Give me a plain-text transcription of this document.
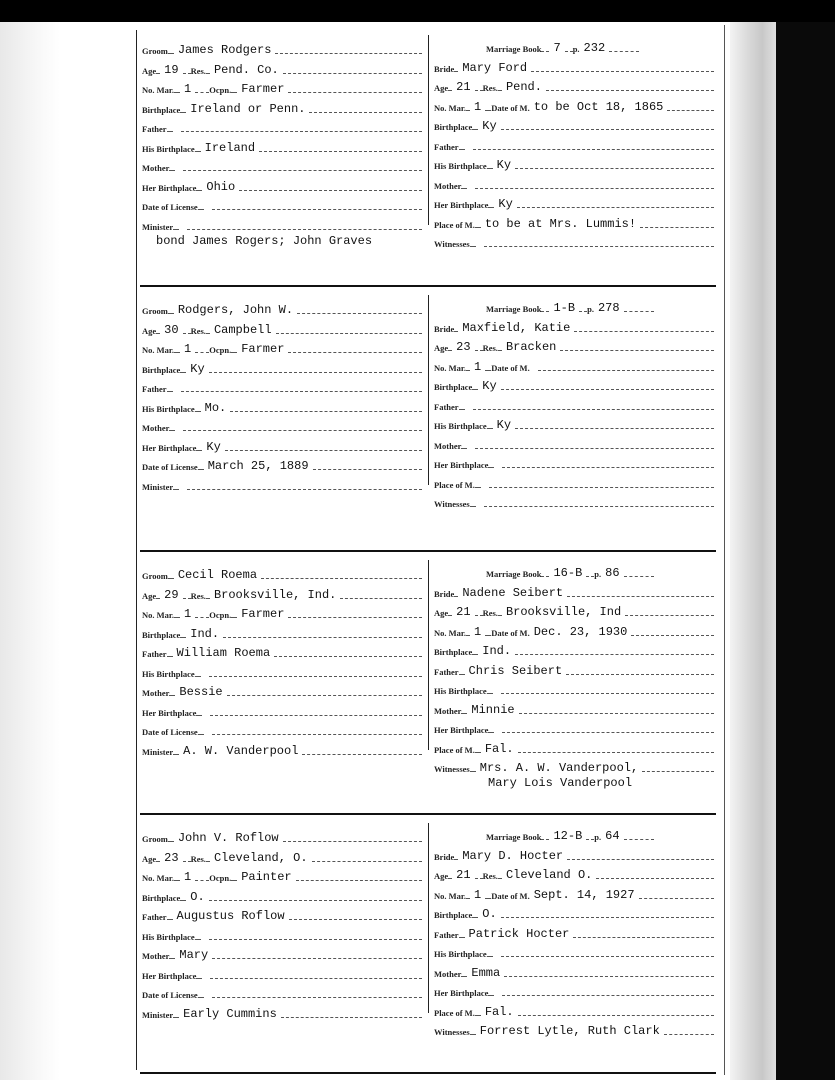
Groom James Rodgers
Age 19 Res. Pend. Co.
No. Mar. 1 Ocpn. Farmer
Birthplace Ireland or Penn.
Father
His Birthplace Ireland
Mother
Her Birthplace Ohio
Date of License
Minister
Marriage Book 7 p. 232
Bride Mary Ford
Age 21 Res. Pend.
No. Mar. 1 Date of M. to be Oct 18, 1865
Birthplace Ky
Father
His Birthplace Ky
Mother
Her Birthplace Ky
Place of M. to be at Mrs. Lummis!
Witnesses
bond James Rogers; John Graves
Groom Rodgers, John W.
Age 30 Res. Campbell
No. Mar. 1 Ocpn. Farmer
Birthplace Ky
Father
His Birthplace Mo.
Mother
Her Birthplace Ky
Date of License March 25, 1889
Minister
Marriage Book 1-B p. 278
Bride Maxfield, Katie
Age 23 Res. Bracken
No. Mar. 1 Date of M.
Birthplace Ky
Father
His Birthplace Ky
Mother
Her Birthplace
Place of M.
Witnesses
Groom Cecil Roema
Age 29 Res. Brooksville, Ind.
No. Mar. 1 Ocpn. Farmer
Birthplace Ind.
Father William Roema
His Birthplace
Mother Bessie
Her Birthplace
Date of License
Minister A. W. Vanderpool
Marriage Book 16-B p. 86
Bride Nadene Seibert
Age 21 Res. Brooksville, Ind
No. Mar. 1 Date of M. Dec. 23, 1930
Birthplace Ind.
Father Chris Seibert
His Birthplace
Mother Minnie
Her Birthplace
Place of M. Fal.
Witnesses Mrs. A. W. Vanderpool,
Mary Lois Vanderpool
Groom John V. Roflow
Age 23 Res. Cleveland, O.
No. Mar. 1 Ocpn. Painter
Birthplace O.
Father Augustus Roflow
His Birthplace
Mother Mary
Her Birthplace
Date of License
Minister Early Cummins
Marriage Book 12-B p. 64
Bride Mary D. Hocter
Age 21 Res. Cleveland O.
No. Mar. 1 Date of M. Sept. 14, 1927
Birthplace O.
Father Patrick Hocter
His Birthplace
Mother Emma
Her Birthplace
Place of M. Fal.
Witnesses Forrest Lytle, Ruth Clark
